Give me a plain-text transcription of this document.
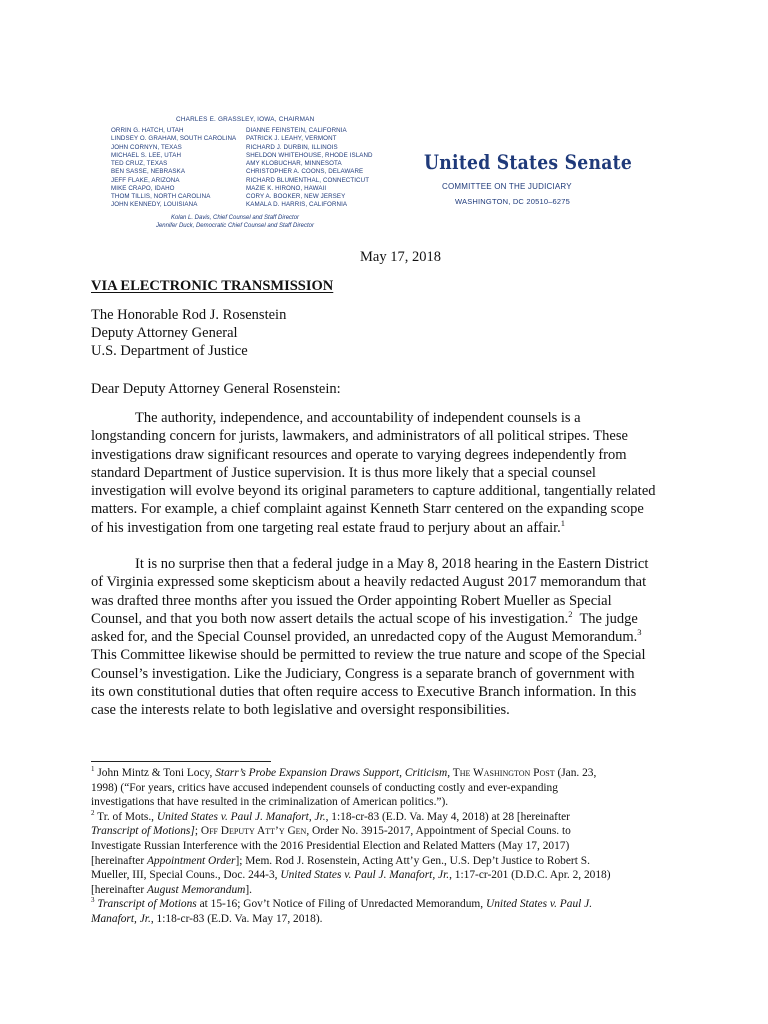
CHARLES E. GRASSLEY, IOWA, CHAIRMAN
ORRIN G. HATCH, UTAH
LINDSEY O. GRAHAM, SOUTH CAROLINA
JOHN CORNYN, TEXAS
MICHAEL S. LEE, UTAH
TED CRUZ, TEXAS
BEN SASSE, NEBRASKA
JEFF FLAKE, ARIZONA
MIKE CRAPO, IDAHO
THOM TILLIS, NORTH CAROLINA
JOHN KENNEDY, LOUISIANA
DIANNE FEINSTEIN, CALIFORNIA
PATRICK J. LEAHY, VERMONT
RICHARD J. DURBIN, ILLINOIS
SHELDON WHITEHOUSE, RHODE ISLAND
AMY KLOBUCHAR, MINNESOTA
CHRISTOPHER A. COONS, DELAWARE
RICHARD BLUMENTHAL, CONNECTICUT
MAZIE K. HIRONO, HAWAII
CORY A. BOOKER, NEW JERSEY
KAMALA D. HARRIS, CALIFORNIA
Kolan L. Davis, Chief Counsel and Staff Director
Jennifer Duck, Democratic Chief Counsel and Staff Director
United States Senate
COMMITTEE ON THE JUDICIARY
WASHINGTON, DC 20510–6275
May 17, 2018
VIA ELECTRONIC TRANSMISSION
The Honorable Rod J. Rosenstein
Deputy Attorney General
U.S. Department of Justice
Dear Deputy Attorney General Rosenstein:
The authority, independence, and accountability of independent counsels is a
longstanding concern for jurists, lawmakers, and administrators of all political stripes. These
investigations draw significant resources and operate to varying degrees independently from
standard Department of Justice supervision. It is thus more likely that a special counsel
investigation will evolve beyond its original parameters to capture additional, tangentially related
matters. For example, a chief complaint against Kenneth Starr centered on the expanding scope
of his investigation from one targeting real estate fraud to perjury about an affair.$^1$
It is no surprise then that a federal judge in a May 8, 2018 hearing in the Eastern District
of Virginia expressed some skepticism about a heavily redacted August 2017 memorandum that
was drafted three months after you issued the Order appointing Robert Mueller as Special
Counsel, and that you both now assert details the actual scope of his investigation.$^2$  The judge
asked for, and the Special Counsel provided, an unredacted copy of the August Memorandum.$^3$
This Committee likewise should be permitted to review the true nature and scope of the Special
Counsel’s investigation. Like the Judiciary, Congress is a separate branch of government with
its own constitutional duties that often require access to Executive Branch information. In this
case the interests relate to both legislative and oversight responsibilities.
$^1$ John Mintz & Toni Locy, Starr’s Probe Expansion Draws Support, Criticism, The Washington Post (Jan. 23,
1998) (“For years, critics have accused independent counsels of conducting costly and ever-expanding
investigations that have resulted in the criminalization of American politics.”).
$^2$ Tr. of Mots., United States v. Paul J. Manafort, Jr., 1:18-cr-83 (E.D. Va. May 4, 2018) at 28 [hereinafter
Transcript of Motions]; Off Deputy Att’y Gen, Order No. 3915-2017, Appointment of Special Couns. to
Investigate Russian Interference with the 2016 Presidential Election and Related Matters (May 17, 2017)
[hereinafter Appointment Order]; Mem. Rod J. Rosenstein, Acting Att’y Gen., U.S. Dep’t Justice to Robert S.
Mueller, III, Special Couns., Doc. 244-3, United States v. Paul J. Manafort, Jr., 1:17-cr-201 (D.D.C. Apr. 2, 2018)
[hereinafter August Memorandum].
$^3$ Transcript of Motions at 15-16; Gov’t Notice of Filing of Unredacted Memorandum, United States v. Paul J.
Manafort, Jr., 1:18-cr-83 (E.D. Va. May 17, 2018).
